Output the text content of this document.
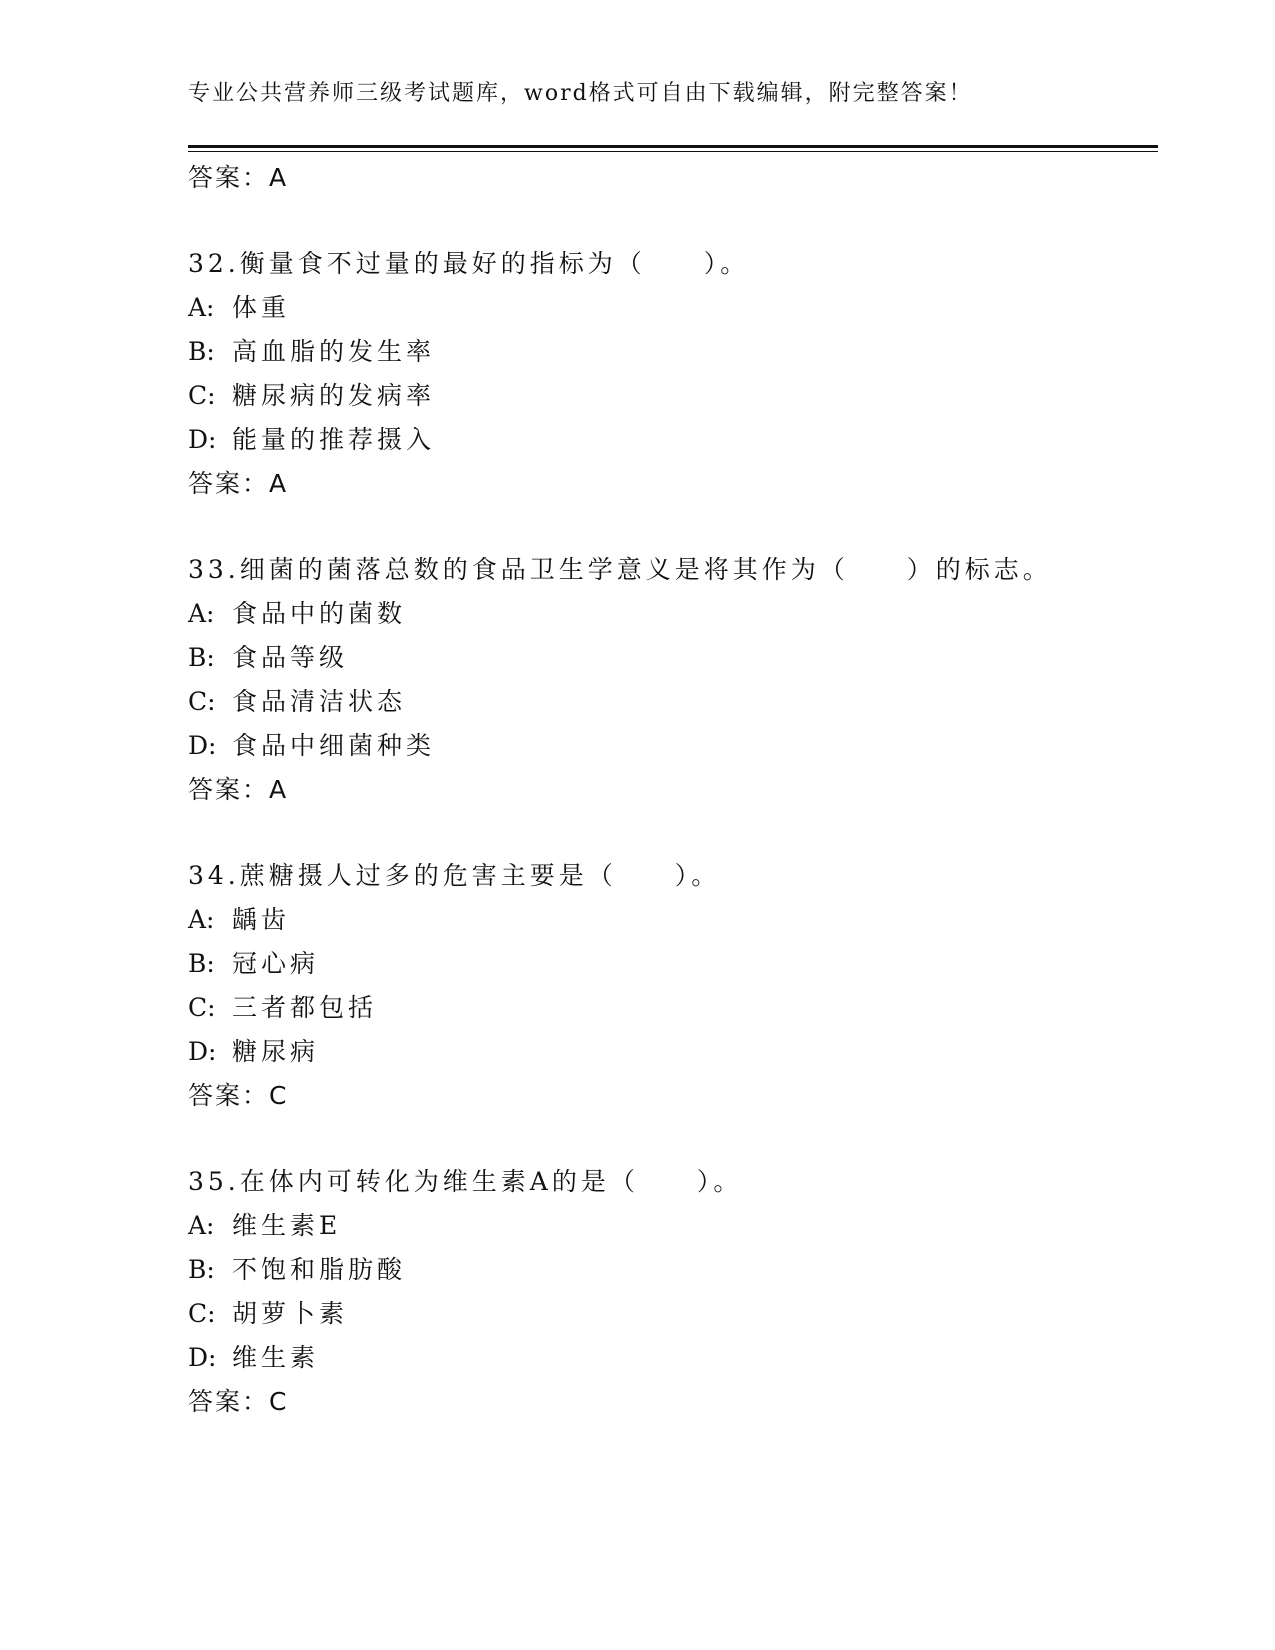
专业公共营养师三级考试题库，word格式可自由下载编辑，附完整答案！
答案：A
32.衡量食不过量的最好的指标为（　　）。
A: 体重
B: 高血脂的发生率
C: 糖尿病的发病率
D: 能量的推荐摄入
答案：A
33.细菌的菌落总数的食品卫生学意义是将其作为（　　）的标志。
A: 食品中的菌数
B: 食品等级
C: 食品清洁状态
D: 食品中细菌种类
答案：A
34.蔗糖摄人过多的危害主要是（　　）。
A: 龋齿
B: 冠心病
C: 三者都包括
D: 糖尿病
答案：C
35.在体内可转化为维生素A的是（　　）。
A: 维生素E
B: 不饱和脂肪酸
C: 胡萝卜素
D: 维生素
答案：C
